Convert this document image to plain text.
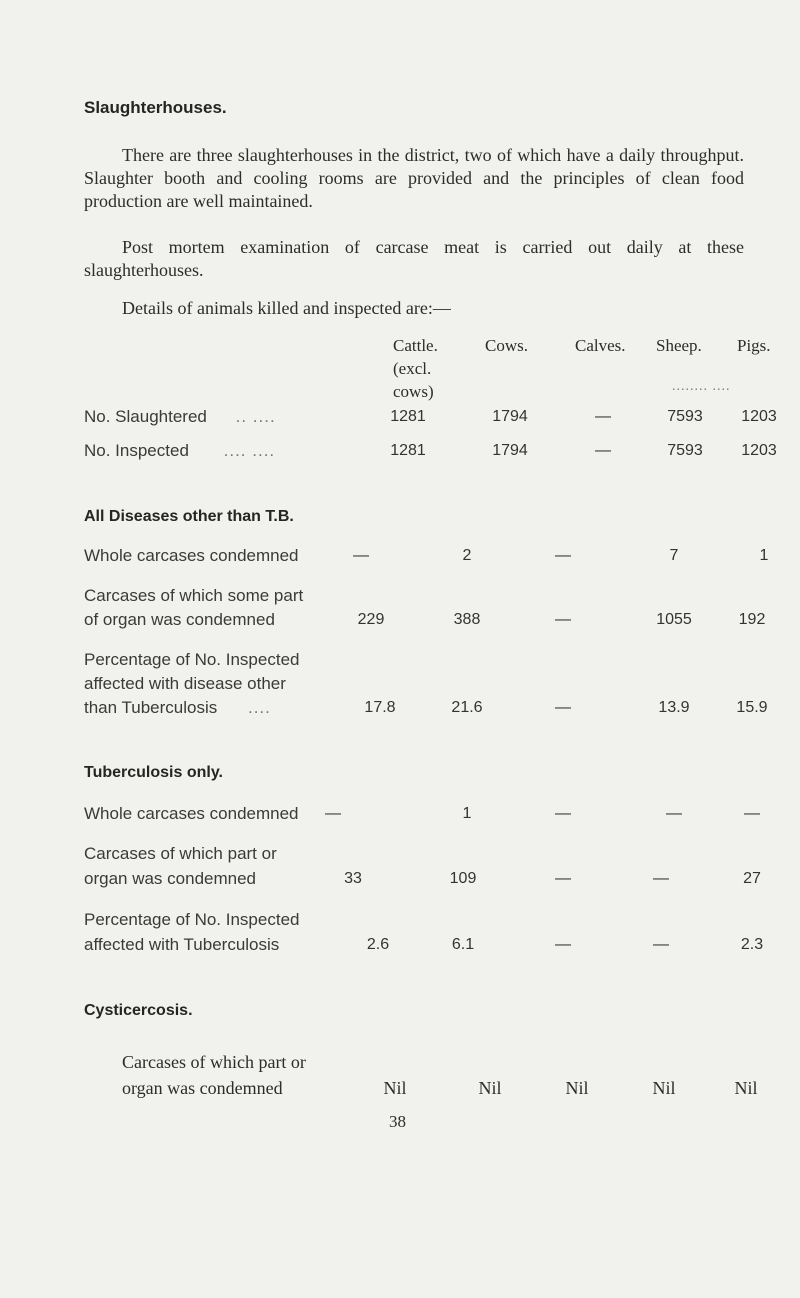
Slaughterhouses.

There are three slaughterhouses in the district, two of which have a daily throughput. Slaughter booth and cooling rooms are provided and the principles of clean food production are well maintained.

Post mortem examination of carcase meat is carried out daily at these slaughterhouses.

Details of animals killed and inspected are:—
Cattle.
(excl.
cows)
Cows.	Calves. Sheep. Pigs.
........ ....
No. Slaughtered .. ....	1281	1794	—	7593	1203
No. Inspected .... ....	1281	1794	—	7593	1203
All Diseases other than T.B.
Whole carcases condemned	—	2	—	7	1
Carcases of which some part
of organ was condemned	229	388	—	1055	192
Percentage of No. Inspected
affected with disease other
than Tuberculosis ....	17.8	21.6	—	13.9	15.9
Tuberculosis only.
Whole carcases condemned	—	1	—	—	—
Carcases of which part or
organ was condemned	33	109	—	—	27
Percentage of No. Inspected
affected with Tuberculosis	2.6	6.1	—	—	2.3
Cysticercosis.
Carcases of which part or
organ was condemned	Nil	Nil	Nil	Nil	Nil
38
